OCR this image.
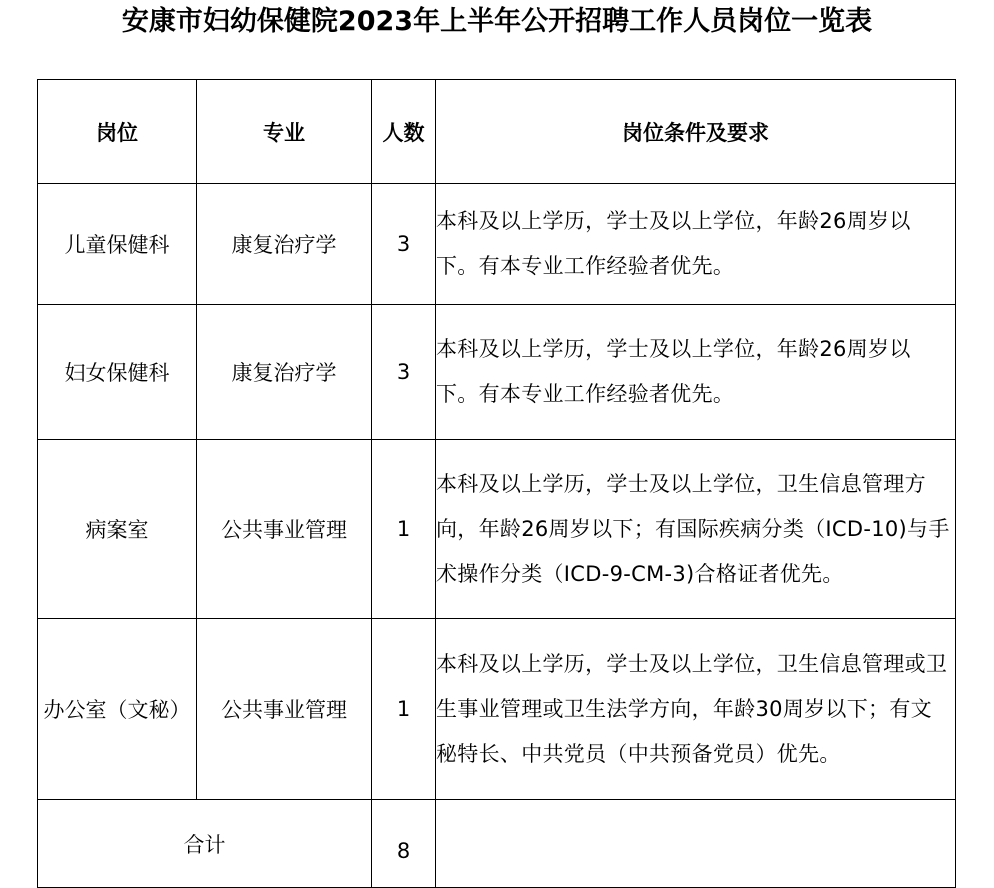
安康市妇幼保健院2023年上半年公开招聘工作人员岗位一览表
岗位	专业	人数	岗位条件及要求
儿童保健科	康复治疗学	3	本科及以上学历，学士及以上学位，年龄26周岁以下。有本专业工作经验者优先。

妇女保健科	康复治疗学	3	本科及以上学历，学士及以上学位，年龄26周岁以下。有本专业工作经验者优先。

病案室	公共事业管理	1	本科及以上学历，学士及以上学位，卫生信息管理方向，年龄26周岁以下；有国际疾病分类（ICD-10)与手术操作分类（ICD-9-CM-3)合格证者优先。

办公室（文秘）	公共事业管理	1	本科及以上学历，学士及以上学位，卫生信息管理或卫生事业管理或卫生法学方向，年龄30周岁以下；有文秘特长、中共党员（中共预备党员）优先。

合计		8	
